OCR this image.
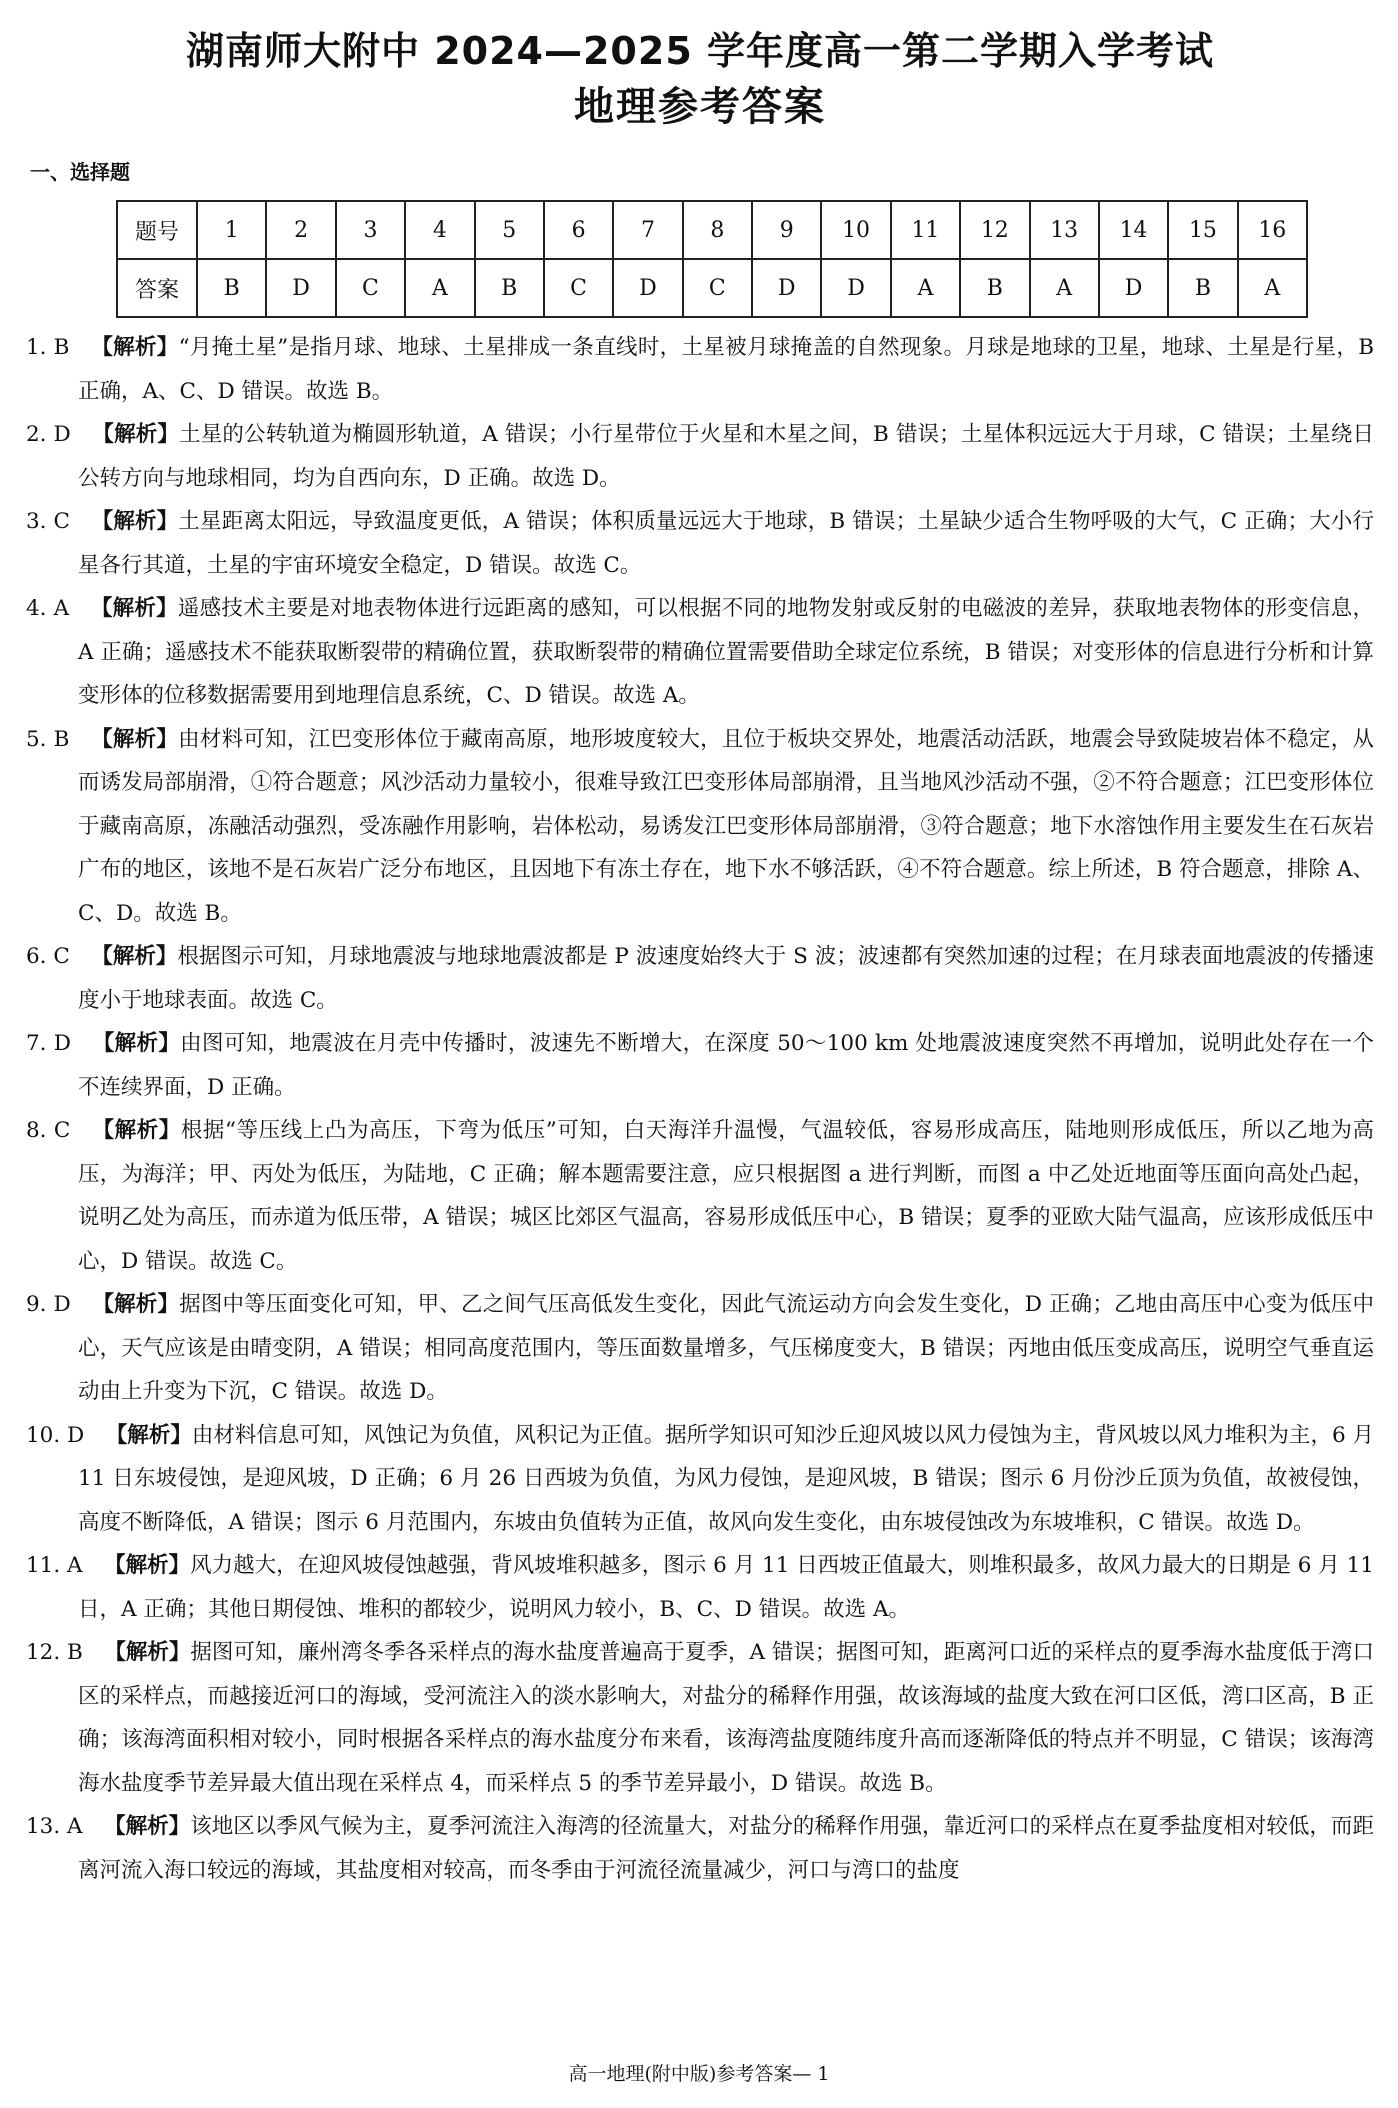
湖南师大附中 2024—2025 学年度高一第二学期入学考试
地理参考答案
一、选择题
题号	1	2	3	4	5	6	7	8	9	10	11	12	13	14	15	16
答案	B	D	C	A	B	C	D	C	D	D	A	B	A	D	B	A

1. B  【解析】“月掩土星”是指月球、地球、土星排成一条直线时，土星被月球掩盖的自然现象。月球是地球的卫星，地球、土星是行星，B 正确，A、C、D 错误。故选 B。

2. D  【解析】土星的公转轨道为椭圆形轨道，A 错误；小行星带位于火星和木星之间，B 错误；土星体积远远大于月球，C 错误；土星绕日公转方向与地球相同，均为自西向东，D 正确。故选 D。

3. C  【解析】土星距离太阳远，导致温度更低，A 错误；体积质量远远大于地球，B 错误；土星缺少适合生物呼吸的大气，C 正确；大小行星各行其道，土星的宇宙环境安全稳定，D 错误。故选 C。

4. A  【解析】遥感技术主要是对地表物体进行远距离的感知，可以根据不同的地物发射或反射的电磁波的差异，获取地表物体的形变信息，A 正确；遥感技术不能获取断裂带的精确位置，获取断裂带的精确位置需要借助全球定位系统，B 错误；对变形体的信息进行分析和计算变形体的位移数据需要用到地理信息系统，C、D 错误。故选 A。

5. B  【解析】由材料可知，江巴变形体位于藏南高原，地形坡度较大，且位于板块交界处，地震活动活跃，地震会导致陡坡岩体不稳定，从而诱发局部崩滑，①符合题意；风沙活动力量较小，很难导致江巴变形体局部崩滑，且当地风沙活动不强，②不符合题意；江巴变形体位于藏南高原，冻融活动强烈，受冻融作用影响，岩体松动，易诱发江巴变形体局部崩滑，③符合题意；地下水溶蚀作用主要发生在石灰岩广布的地区，该地不是石灰岩广泛分布地区，且因地下有冻土存在，地下水不够活跃，④不符合题意。综上所述，B 符合题意，排除 A、C、D。故选 B。

6. C  【解析】根据图示可知，月球地震波与地球地震波都是 P 波速度始终大于 S 波；波速都有突然加速的过程；在月球表面地震波的传播速度小于地球表面。故选 C。

7. D  【解析】由图可知，地震波在月壳中传播时，波速先不断增大，在深度 50～100 km 处地震波速度突然不再增加，说明此处存在一个不连续界面，D 正确。

8. C  【解析】根据“等压线上凸为高压，下弯为低压”可知，白天海洋升温慢，气温较低，容易形成高压，陆地则形成低压，所以乙地为高压，为海洋；甲、丙处为低压，为陆地，C 正确；解本题需要注意，应只根据图 a 进行判断，而图 a 中乙处近地面等压面向高处凸起，说明乙处为高压，而赤道为低压带，A 错误；城区比郊区气温高，容易形成低压中心，B 错误；夏季的亚欧大陆气温高，应该形成低压中心，D 错误。故选 C。

9. D  【解析】据图中等压面变化可知，甲、乙之间气压高低发生变化，因此气流运动方向会发生变化，D 正确；乙地由高压中心变为低压中心，天气应该是由晴变阴，A 错误；相同高度范围内，等压面数量增多，气压梯度变大，B 错误；丙地由低压变成高压，说明空气垂直运动由上升变为下沉，C 错误。故选 D。

10. D  【解析】由材料信息可知，风蚀记为负值，风积记为正值。据所学知识可知沙丘迎风坡以风力侵蚀为主，背风坡以风力堆积为主，6 月 11 日东坡侵蚀，是迎风坡，D 正确；6 月 26 日西坡为负值，为风力侵蚀，是迎风坡，B 错误；图示 6 月份沙丘顶为负值，故被侵蚀，高度不断降低，A 错误；图示 6 月范围内，东坡由负值转为正值，故风向发生变化，由东坡侵蚀改为东坡堆积，C 错误。故选 D。

11. A  【解析】风力越大，在迎风坡侵蚀越强，背风坡堆积越多，图示 6 月 11 日西坡正值最大，则堆积最多，故风力最大的日期是 6 月 11 日，A 正确；其他日期侵蚀、堆积的都较少，说明风力较小，B、C、D 错误。故选 A。

12. B  【解析】据图可知，廉州湾冬季各采样点的海水盐度普遍高于夏季，A 错误；据图可知，距离河口近的采样点的夏季海水盐度低于湾口区的采样点，而越接近河口的海域，受河流注入的淡水影响大，对盐分的稀释作用强，故该海域的盐度大致在河口区低，湾口区高，B 正确；该海湾面积相对较小，同时根据各采样点的海水盐度分布来看，该海湾盐度随纬度升高而逐渐降低的特点并不明显，C 错误；该海湾海水盐度季节差异最大值出现在采样点 4，而采样点 5 的季节差异最小，D 错误。故选 B。

13. A  【解析】该地区以季风气候为主，夏季河流注入海湾的径流量大，对盐分的稀释作用强，靠近河口的采样点在夏季盐度相对较低，而距离河流入海口较远的海域，其盐度相对较高，而冬季由于河流径流量减少，河口与湾口的盐度

高一地理(附中版)参考答案— 1
